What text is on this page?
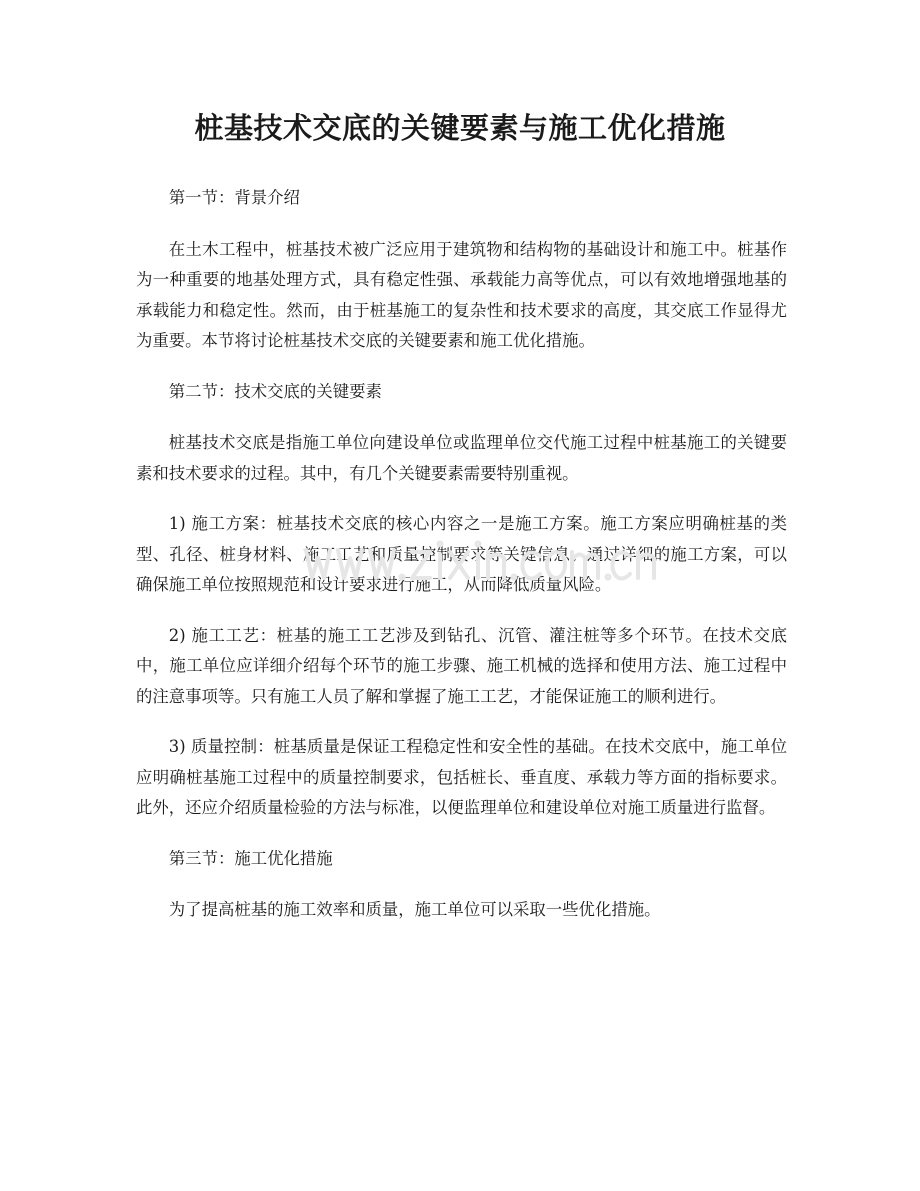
桩基技术交底的关键要素与施工优化措施

第一节：背景介绍

在土木工程中，桩基技术被广泛应用于建筑物和结构物的基础设计和施工中。桩基作为一种重要的地基处理方式，具有稳定性强、承载能力高等优点，可以有效地增强地基的承载能力和稳定性。然而，由于桩基施工的复杂性和技术要求的高度，其交底工作显得尤为重要。本节将讨论桩基技术交底的关键要素和施工优化措施。

第二节：技术交底的关键要素

桩基技术交底是指施工单位向建设单位或监理单位交代施工过程中桩基施工的关键要素和技术要求的过程。其中，有几个关键要素需要特别重视。

1) 施工方案：桩基技术交底的核心内容之一是施工方案。施工方案应明确桩基的类型、孔径、桩身材料、施工工艺和质量控制要求等关键信息。通过详细的施工方案，可以确保施工单位按照规范和设计要求进行施工，从而降低质量风险。

2) 施工工艺：桩基的施工工艺涉及到钻孔、沉管、灌注桩等多个环节。在技术交底中，施工单位应详细介绍每个环节的施工步骤、施工机械的选择和使用方法、施工过程中的注意事项等。只有施工人员了解和掌握了施工工艺，才能保证施工的顺利进行。

3) 质量控制：桩基质量是保证工程稳定性和安全性的基础。在技术交底中，施工单位应明确桩基施工过程中的质量控制要求，包括桩长、垂直度、承载力等方面的指标要求。此外，还应介绍质量检验的方法与标准，以便监理单位和建设单位对施工质量进行监督。

第三节：施工优化措施

为了提高桩基的施工效率和质量，施工单位可以采取一些优化措施。
